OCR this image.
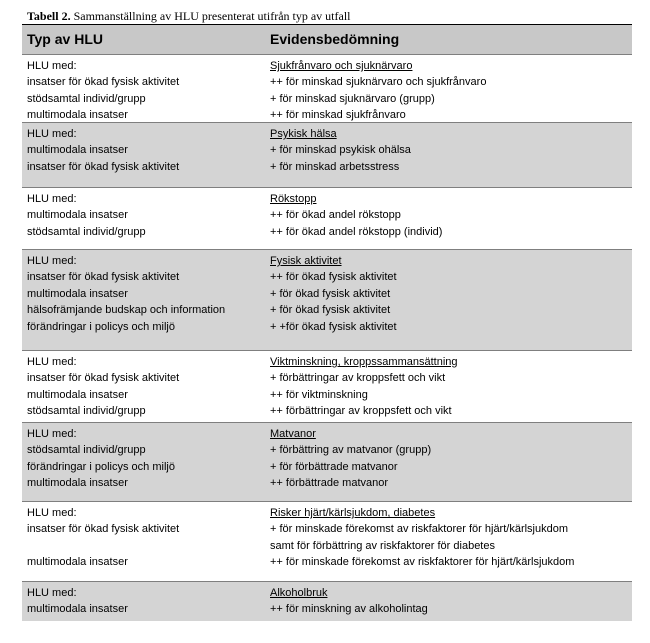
Tabell 2. Sammanställning av HLU presenterat utifrån typ av utfall
Typ av HLU	Evidensbedömning
HLU med:
insatser för ökad fysisk aktivitet
stödsamtal individ/grupp
multimodala insatser
Sjukfrånvaro och sjuknärvaro
++ för minskad sjuknärvaro och sjukfrånvaro
+ för minskad sjuknärvaro (grupp)
++ för minskad sjukfrånvaro
HLU med:
multimodala insatser
insatser för ökad fysisk aktivitet
Psykisk hälsa
+ för minskad psykisk ohälsa
+ för minskad arbetsstress
HLU med:
multimodala insatser
stödsamtal individ/grupp
Rökstopp
++ för ökad andel rökstopp
++ för ökad andel rökstopp (individ)
HLU med:
insatser för ökad fysisk aktivitet
multimodala insatser
hälsofrämjande budskap och information
förändringar i policys och miljö
Fysisk aktivitet
++ för ökad fysisk aktivitet
+ för ökad fysisk aktivitet
+ för ökad fysisk aktivitet
+ +för ökad fysisk aktivitet
HLU med:
insatser för ökad fysisk aktivitet
multimodala insatser
stödsamtal individ/grupp
Viktminskning, kroppssammansättning
+ förbättringar av kroppsfett och vikt
++ för viktminskning
++ förbättringar av kroppsfett och vikt
HLU med:
stödsamtal individ/grupp
förändringar i policys och miljö
multimodala insatser
Matvanor
+ förbättring av matvanor (grupp)
+ för förbättrade matvanor
++ förbättrade matvanor
HLU med:
insatser för ökad fysisk aktivitet
multimodala insatser
Risker hjärt/kärlsjukdom, diabetes
+ för minskade förekomst av riskfaktorer för hjärt/kärlsjukdom
samt för förbättring av riskfaktorer för diabetes
++ för minskade förekomst av riskfaktorer för hjärt/kärlsjukdom
HLU med:
multimodala insatser
Alkoholbruk
++ för minskning av alkoholintag
